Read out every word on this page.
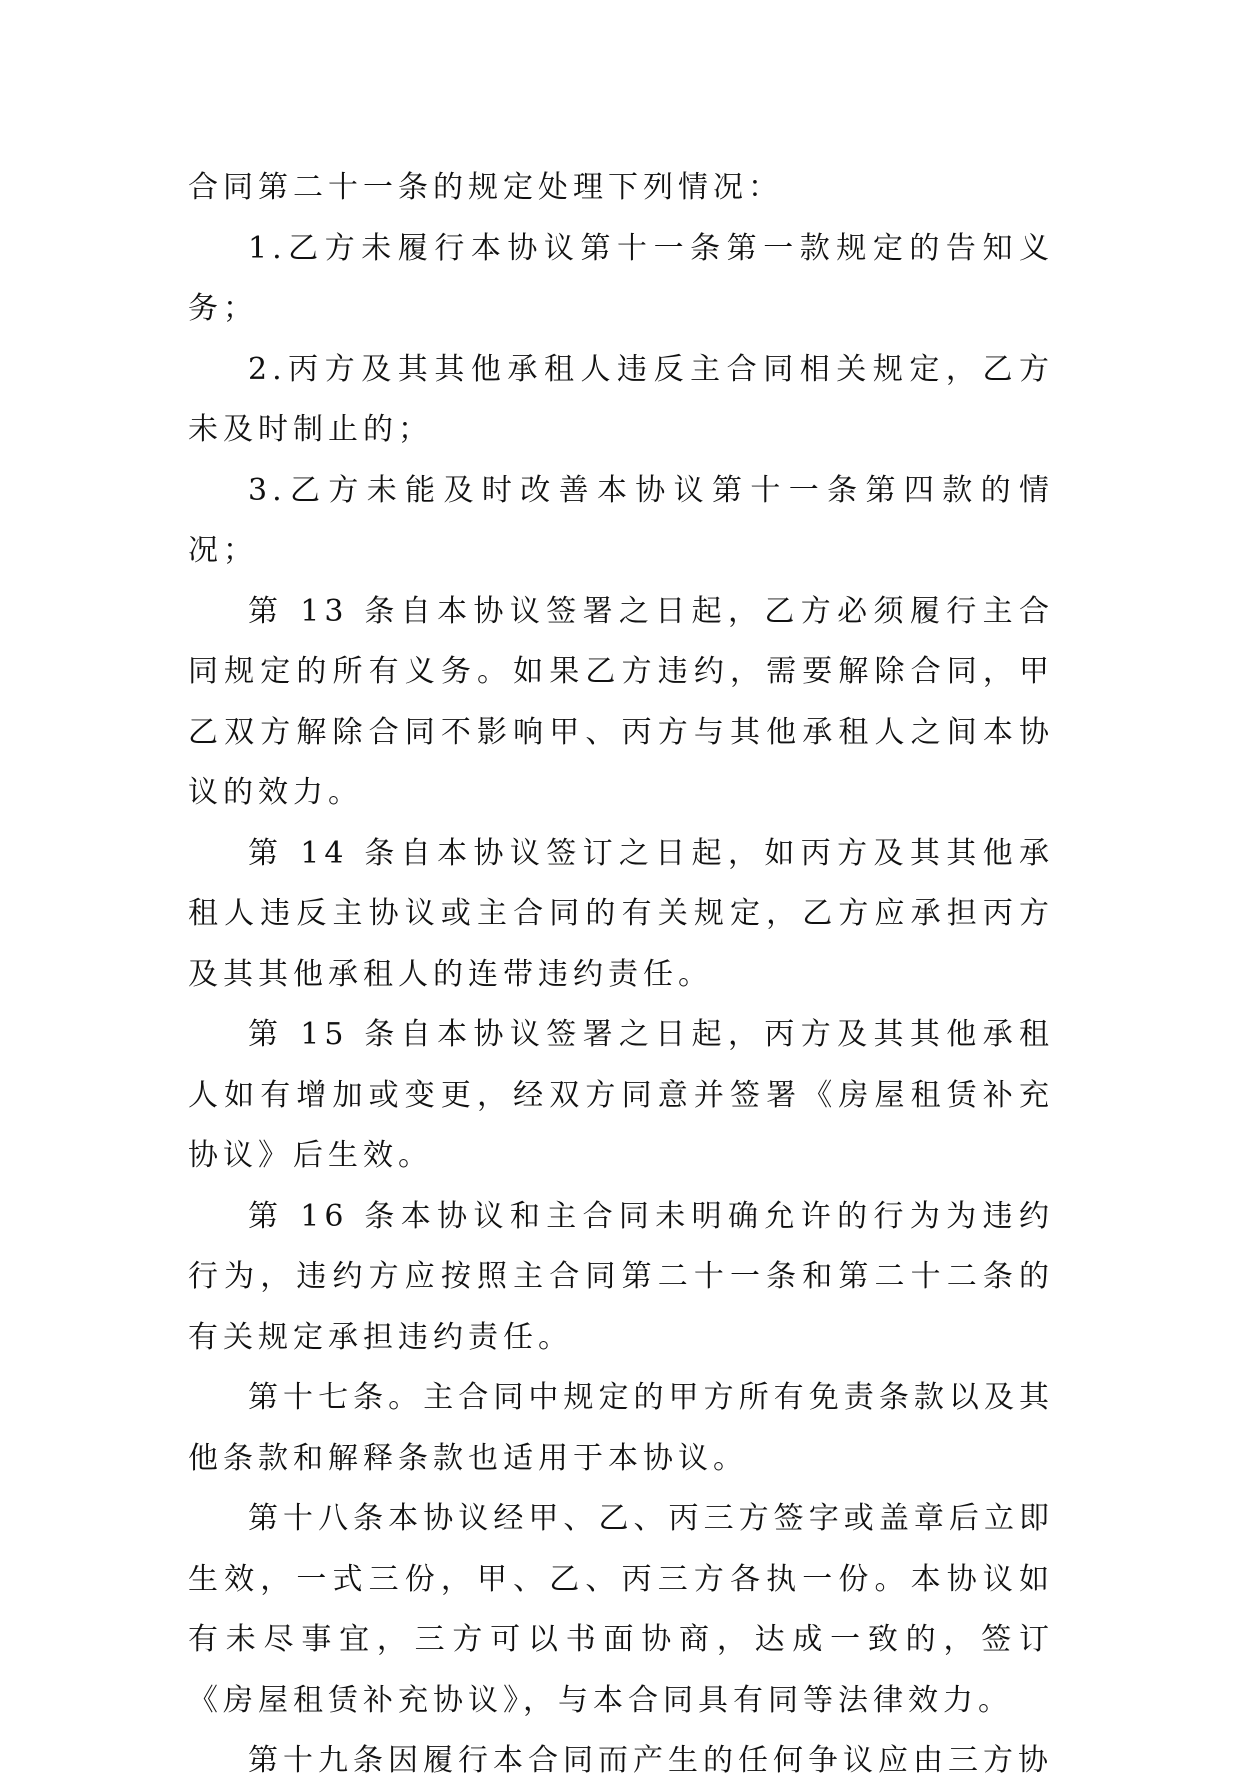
合同第二十一条的规定处理下列情况：

1.乙方未履行本协议第十一条第一款规定的告知义务；

2.丙方及其其他承租人违反主合同相关规定，乙方未及时制止的；

3.乙方未能及时改善本协议第十一条第四款的情况；

第 13 条自本协议签署之日起，乙方必须履行主合同规定的所有义务。如果乙方违约，需要解除合同，甲乙双方解除合同不影响甲、丙方与其他承租人之间本协议的效力。

第 14 条自本协议签订之日起，如丙方及其其他承租人违反主协议或主合同的有关规定，乙方应承担丙方及其其他承租人的连带违约责任。

第 15 条自本协议签署之日起，丙方及其其他承租人如有增加或变更，经双方同意并签署《房屋租赁补充协议》后生效。

第 16 条本协议和主合同未明确允许的行为为违约行为，违约方应按照主合同第二十一条和第二十二条的有关规定承担违约责任。

第十七条。主合同中规定的甲方所有免责条款以及其他条款和解释条款也适用于本协议。

第十八条本协议经甲、乙、丙三方签字或盖章后立即生效，一式三份，甲、乙、丙三方各执一份。本协议如有未尽事宜，三方可以书面协商，达成一致的，签订《房屋租赁补充协议》，与本合同具有同等法律效力。

第十九条因履行本合同而产生的任何争议应由三方协
